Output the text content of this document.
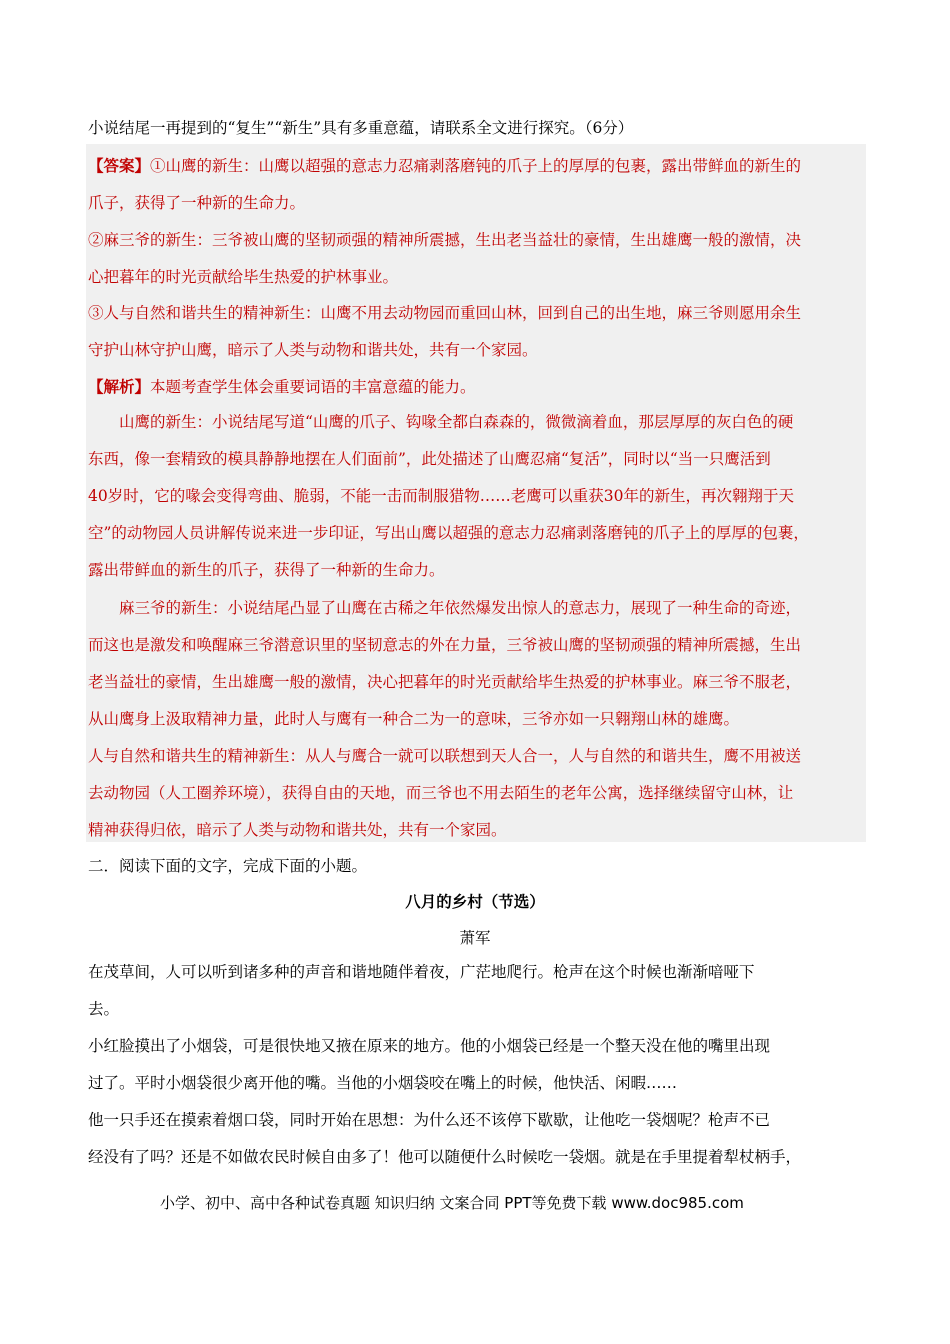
小说结尾一再提到的“复生”“新生”具有多重意蕴，请联系全文进行探究。（6分）
【答案】①山鹰的新生：山鹰以超强的意志力忍痛剥落磨钝的爪子上的厚厚的包裹，露出带鲜血的新生的
爪子，获得了一种新的生命力。
②麻三爷的新生：三爷被山鹰的坚韧顽强的精神所震撼，生出老当益壮的豪情，生出雄鹰一般的激情，决
心把暮年的时光贡献给毕生热爱的护林事业。
③人与自然和谐共生的精神新生：山鹰不用去动物园而重回山林，回到自己的出生地，麻三爷则愿用余生
守护山林守护山鹰，暗示了人类与动物和谐共处，共有一个家园。
【解析】本题考查学生体会重要词语的丰富意蕴的能力。
山鹰的新生：小说结尾写道“山鹰的爪子、钩喙全都白森森的，微微滴着血，那层厚厚的灰白色的硬
东西，像一套精致的模具静静地摆在人们面前”，此处描述了山鹰忍痛“复活”，同时以“当一只鹰活到
40岁时，它的喙会变得弯曲、脆弱，不能一击而制服猎物……老鹰可以重获30年的新生，再次翱翔于天
空”的动物园人员讲解传说来进一步印证，写出山鹰以超强的意志力忍痛剥落磨钝的爪子上的厚厚的包裹，
露出带鲜血的新生的爪子，获得了一种新的生命力。
麻三爷的新生：小说结尾凸显了山鹰在古稀之年依然爆发出惊人的意志力，展现了一种生命的奇迹，
而这也是激发和唤醒麻三爷潜意识里的坚韧意志的外在力量，三爷被山鹰的坚韧顽强的精神所震撼，生出
老当益壮的豪情，生出雄鹰一般的激情，决心把暮年的时光贡献给毕生热爱的护林事业。麻三爷不服老，
从山鹰身上汲取精神力量，此时人与鹰有一种合二为一的意味，三爷亦如一只翱翔山林的雄鹰。
人与自然和谐共生的精神新生：从人与鹰合一就可以联想到天人合一，人与自然的和谐共生，鹰不用被送
去动物园（人工圈养环境），获得自由的天地，而三爷也不用去陌生的老年公寓，选择继续留守山林，让
精神获得归依，暗示了人类与动物和谐共处，共有一个家园。
二．阅读下面的文字，完成下面的小题。
八月的乡村（节选）
萧军
在茂草间，人可以听到诸多种的声音和谐地随伴着夜，广茫地爬行。枪声在这个时候也渐渐喑哑下
去。
小红脸摸出了小烟袋，可是很快地又掖在原来的地方。他的小烟袋已经是一个整天没在他的嘴里出现
过了。平时小烟袋很少离开他的嘴。当他的小烟袋咬在嘴上的时候，他快活、闲暇……
他一只手还在摸索着烟口袋，同时开始在思想：为什么还不该停下歇歇，让他吃一袋烟呢？枪声不已
经没有了吗？还是不如做农民时候自由多了！他可以随便什么时候吃一袋烟。就是在手里提着犁杖柄手，
小学、初中、高中各种试卷真题 知识归纳 文案合同 PPT等免费下载 www.doc985.com
